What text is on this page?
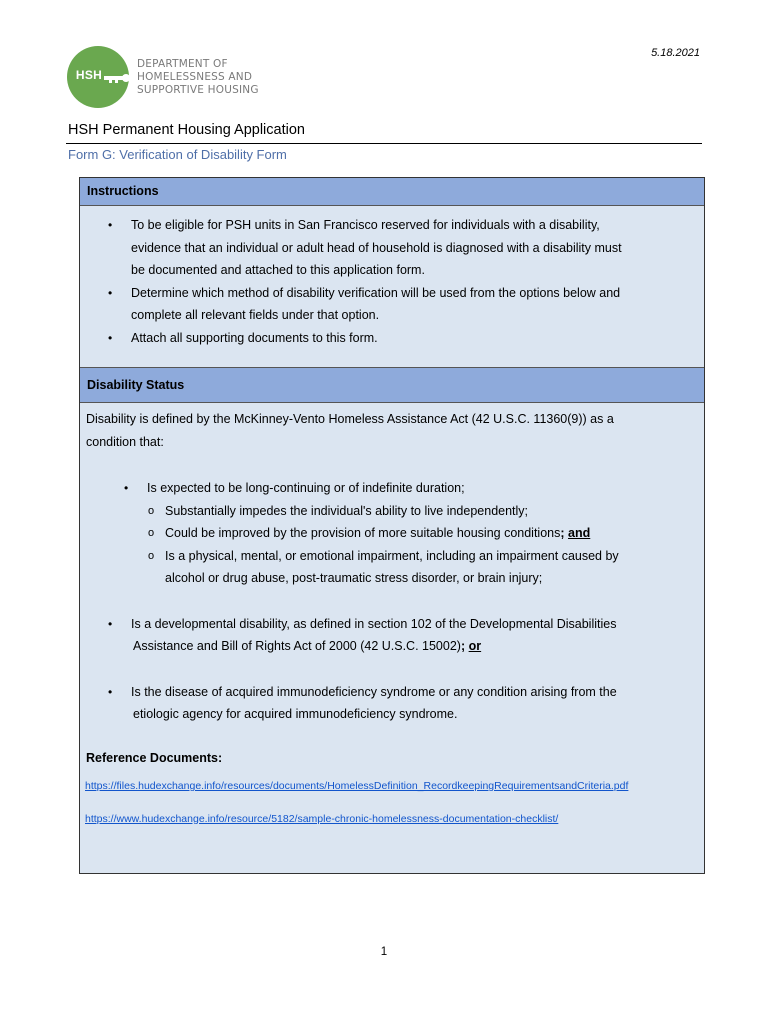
HSH
DEPARTMENT OF
HOMELESSNESS AND
SUPPORTIVE HOUSING
5.18.2021
HSH Permanent Housing Application
Form G: Verification of Disability Form
Instructions
• To be eligible for PSH units in San Francisco reserved for individuals with a disability,
evidence that an individual or adult head of household is diagnosed with a disability must
be documented and attached to this application form.
• Determine which method of disability verification will be used from the options below and
complete all relevant fields under that option.
• Attach all supporting documents to this form.
Disability Status
Disability is defined by the McKinney-Vento Homeless Assistance Act (42 U.S.C. 11360(9)) as a
condition that:
• Is expected to be long-continuing or of indefinite duration;
o Substantially impedes the individual's ability to live independently;
o Could be improved by the provision of more suitable housing conditions; and
o Is a physical, mental, or emotional impairment, including an impairment caused by
alcohol or drug abuse, post-traumatic stress disorder, or brain injury;
• Is a developmental disability, as defined in section 102 of the Developmental Disabilities
Assistance and Bill of Rights Act of 2000 (42 U.S.C. 15002); or
• Is the disease of acquired immunodeficiency syndrome or any condition arising from the
etiologic agency for acquired immunodeficiency syndrome.
Reference Documents:
https://files.hudexchange.info/resources/documents/HomelessDefinition_RecordkeepingRequirementsandCriteria.pdf
https://www.hudexchange.info/resource/5182/sample-chronic-homelessness-documentation-checklist/
1
